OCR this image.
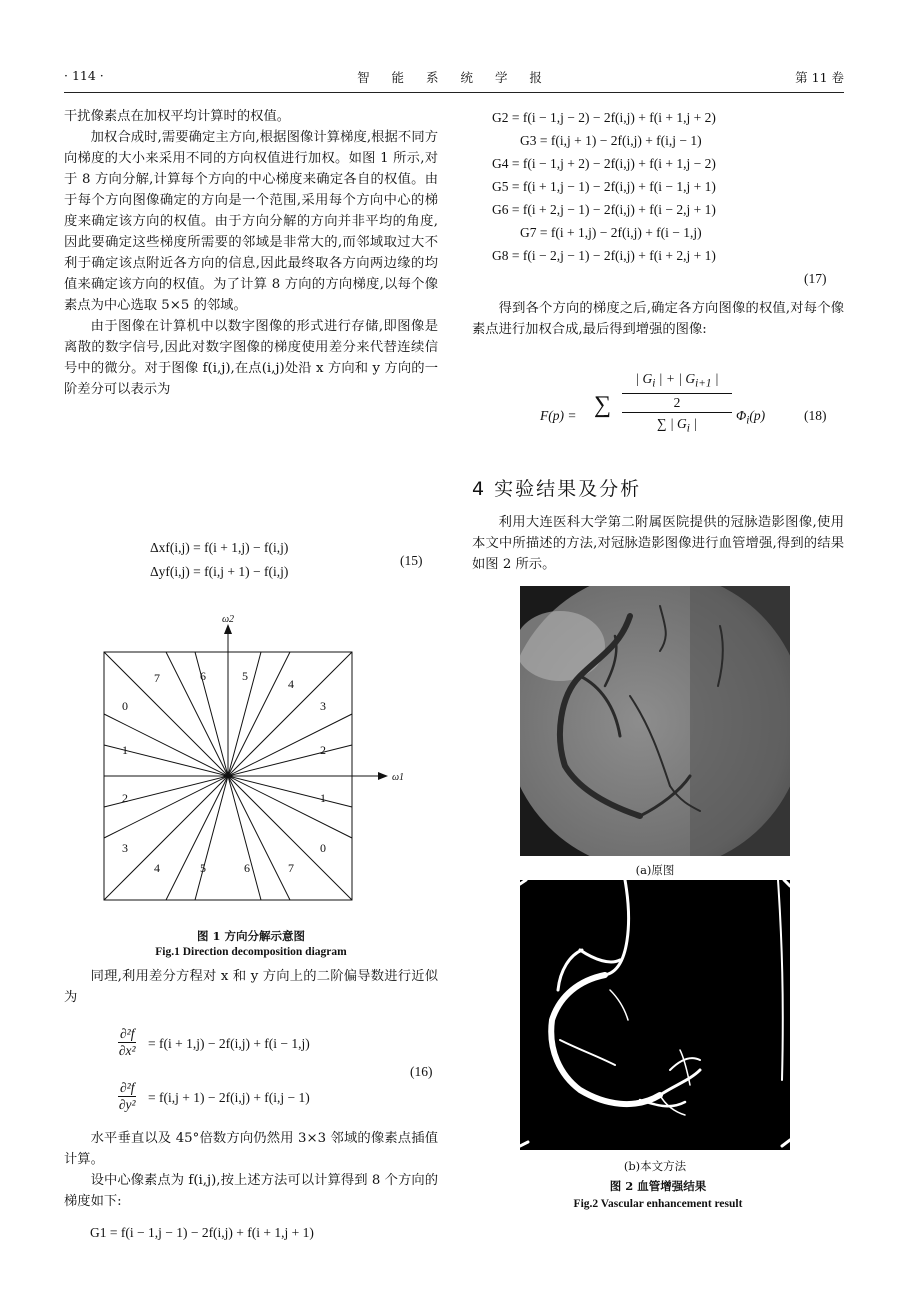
· 114 ·	智 能 系 统 学 报	第 11 卷

干扰像素点在加权平均计算时的权值。

加权合成时,需要确定主方向,根据图像计算梯度,根据不同方向梯度的大小来采用不同的方向权值进行加权。如图 1 所示,对于 8 方向分解,计算每个方向的中心梯度来确定各自的权值。由于每个方向图像确定的方向是一个范围,采用每个方向中心的梯度来确定该方向的权值。由于方向分解的方向并非平均的角度,因此要确定这些梯度所需要的邻域是非常大的,而邻域取过大不利于确定该点附近各方向的信息,因此最终取各方向两边缘的均值来确定该方向的权值。为了计算 8 方向的方向梯度,以每个像素点为中心选取 5×5 的邻域。

由于图像在计算机中以数字图像的形式进行存储,即图像是离散的数字信号,因此对数字图像的梯度使用差分来代替连续信号中的微分。对于图像 f(i,j),在点(i,j)处沿 x 方向和 y 方向的一阶差分可以表示为

Δxf(i,j) = f(i + 1,j) − f(i,j)
Δyf(i,j) = f(i,j + 1) − f(i,j)
(15)
0
1
2
3
3
2
1
0
7	6	5
4
4	5	6	7
ω2
ω1
图 1 方向分解示意图
Fig.1 Direction decomposition diagram

同理,利用差分方程对 x 和 y 方向上的二阶偏导数进行近似为

∂²f
∂x² = f(i + 1,j) − 2f(i,j) + f(i − 1,j)
∂²f
∂y² = f(i,j + 1) − 2f(i,j) + f(i,j − 1)
(16)

水平垂直以及 45°倍数方向仍然用 3×3 邻域的像素点插值计算。

设中心像素点为 f(i,j),按上述方法可以计算得到 8 个方向的梯度如下:

G1 = f(i − 1,j − 1) − 2f(i,j) + f(i + 1,j + 1)
G2 = f(i − 1,j − 2) − 2f(i,j) + f(i + 1,j + 2)
G3 = f(i,j + 1) − 2f(i,j) + f(i,j − 1)
G4 = f(i − 1,j + 2) − 2f(i,j) + f(i + 1,j − 2)
G5 = f(i + 1,j − 1) − 2f(i,j) + f(i − 1,j + 1)
G6 = f(i + 2,j − 1) − 2f(i,j) + f(i − 2,j + 1)
G7 = f(i + 1,j) − 2f(i,j) + f(i − 1,j)
G8 = f(i − 2,j − 1) − 2f(i,j) + f(i + 2,j + 1)
(17)

得到各个方向的梯度之后,确定各方向图像的权值,对每个像素点进行加权合成,最后得到增强的图像:

F(p) = ∑
| $G_i$ | + | $G_{i+1}$ |
2
∑ | $G_i$ |
$\Phi_i(p)$	(18)
4 实验结果及分析

利用大连医科大学第二附属医院提供的冠脉造影图像,使用本文中所描述的方法,对冠脉造影图像进行血管增强,得到的结果如图 2 所示。

(a)原图
(b)本文方法
图 2 血管增强结果
Fig.2 Vascular enhancement result
